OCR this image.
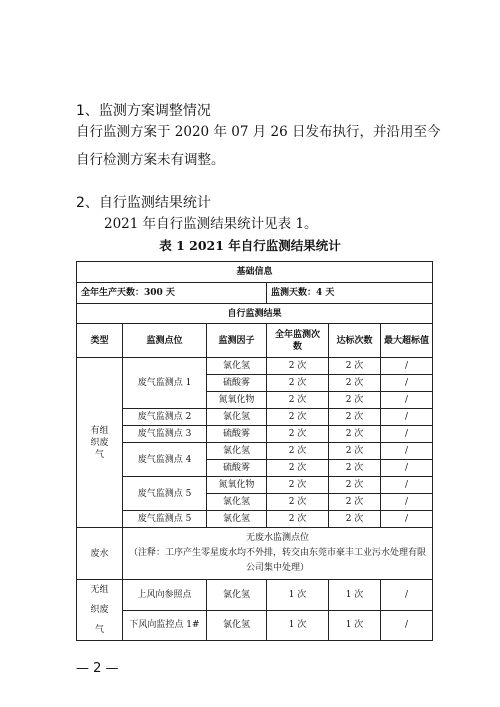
1、监测方案调整情况
自行监测方案于 2020 年 07 月 26 日发布执行，并沿用至今自行检测方案未有调整。
2、自行监测结果统计
2021 年自行监测结果统计见表 1。
表 1 2021 年自行监测结果统计
基础信息					
全年生产天数：300 天			监测天数：4 天		
自行监测结果					
类型	监测点位	监测因子	全年监测次数	达标次数	最大超标值
有组织废气	废气监测点 1	氯化氢	2 次	2 次	/
		硫酸雾	2 次	2 次	/
		氮氧化物	2 次	2 次	/
	废气监测点 2	氯化氢	2 次	2 次	/
	废气监测点 3	硫酸雾	2 次	2 次	/
	废气监测点 4	氯化氢	2 次	2 次	/
		硫酸雾	2 次	2 次	/
	废气监测点 5	氮氧化物	2 次	2 次	/
		氯化氢	2 次	2 次	/
	废气监测点 5	氯化氢	2 次	2 次	/
废水	无废水监测点位
（注释：工序产生零星废水均不外排，转交由东莞市豪丰工业污水处理有限公司集中处理）				

无组织废气	上风向参照点	氯化氢	1 次	1 次	/
	下风向监控点 1#	氯化氢	1 次	1 次	/
— 2 —
